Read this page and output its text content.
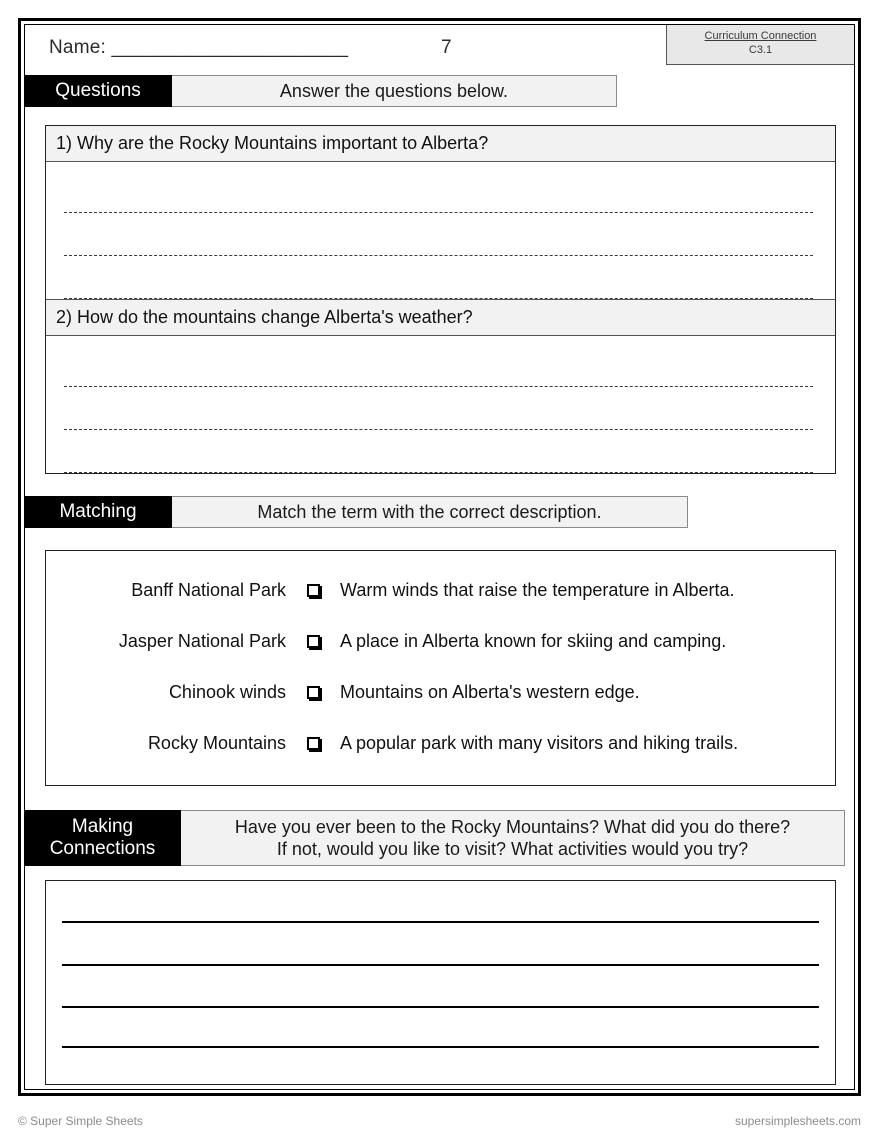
Name: ______________________	7
Curriculum Connection
C3.1
Questions	Answer the questions below.
1) Why are the Rocky Mountains important to Alberta?
2) How do the mountains change Alberta's weather?
Matching	Match the term with the correct description.
Banff National Park	Warm winds that raise the temperature in Alberta.
Jasper National Park	A place in Alberta known for skiing and camping.
Chinook winds	Mountains on Alberta's western edge.
Rocky Mountains	A popular park with many visitors and hiking trails.
Making
Connections
Have you ever been to the Rocky Mountains? What did you do there?
If not, would you like to visit? What activities would you try?
© Super Simple Sheets	supersimplesheets.com
